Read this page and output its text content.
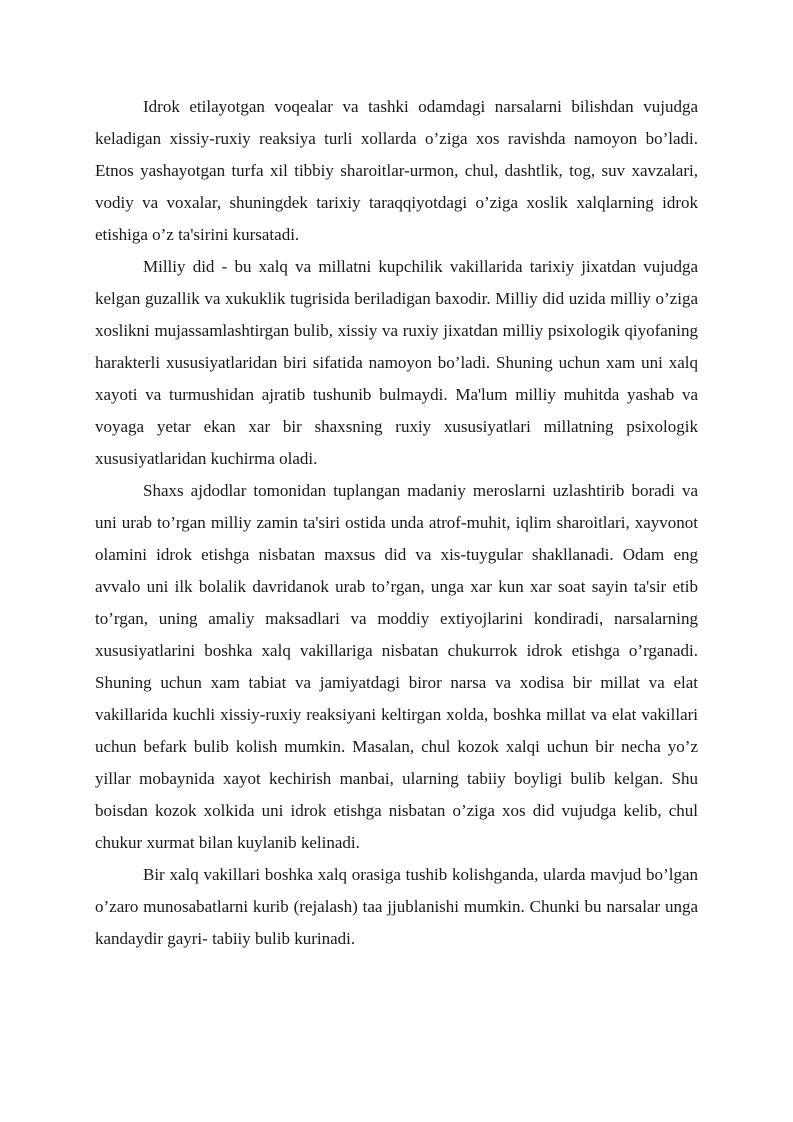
Idrok etilayotgan voqealar va tashki odamdagi narsalarni bilishdan vujudga keladigan xissiy-ruxiy reaksiya turli xollarda o’ziga xos ravishda namoyon bo’ladi. Etnos yashayotgan turfa xil tibbiy sharoitlar-urmon, chul, dashtlik, tog, suv xavzalari, vodiy va voxalar, shuningdek tarixiy taraqqiyotdagi o’ziga xoslik xalqlarning idrok etishiga o’z ta'sirini kursatadi.

Milliy did - bu xalq va millatni kupchilik vakillarida tarixiy jixatdan vujudga kelgan guzallik va xukuklik tugrisida beriladigan baxodir. Milliy did uzida milliy o’ziga xoslikni mujassamlashtirgan bulib, xissiy va ruxiy jixatdan milliy psixologik qiyofaning harakterli xususiyatlaridan biri sifatida namoyon bo’ladi. Shuning uchun xam uni xalq xayoti va turmushidan ajratib tushunib bulmaydi. Ma'lum milliy muhitda yashab va voyaga yetar ekan xar bir shaxsning ruxiy xususiyatlari millatning psixologik xususiyatlaridan kuchirma oladi.

Shaxs ajdodlar tomonidan tuplangan madaniy meroslarni uzlashtirib boradi va uni urab to’rgan milliy zamin ta'siri ostida unda atrof-muhit, iqlim sharoitlari, xayvonot olamini idrok etishga nisbatan maxsus did va xis-tuygular shakllanadi. Odam eng avvalo uni ilk bolalik davridanok urab to’rgan, unga xar kun xar soat sayin ta'sir etib to’rgan, uning amaliy maksadlari va moddiy extiyojlarini kondiradi, narsalarning xususiyatlarini boshka xalq vakillariga nisbatan chukurrok idrok etishga o’rganadi. Shuning uchun xam tabiat va jamiyatdagi biror narsa va xodisa bir millat va elat vakillarida kuchli xissiy-ruxiy reaksiyani keltirgan xolda, boshka millat va elat vakillari uchun befark bulib kolish mumkin. Masalan, chul kozok xalqi uchun bir necha yo’z yillar mobaynida xayot kechirish manbai, ularning tabiiy boyligi bulib kelgan. Shu boisdan kozok xolkida uni idrok etishga nisbatan o’ziga xos did vujudga kelib, chul chukur xurmat bilan kuylanib kelinadi.

Bir xalq vakillari boshka xalq orasiga tushib kolishganda, ularda mavjud bo’lgan o’zaro munosabatlarni kurib (rejalash) taa jjublanishi mumkin. Chunki bu narsalar unga kandaydir gayri- tabiiy bulib kurinadi.
